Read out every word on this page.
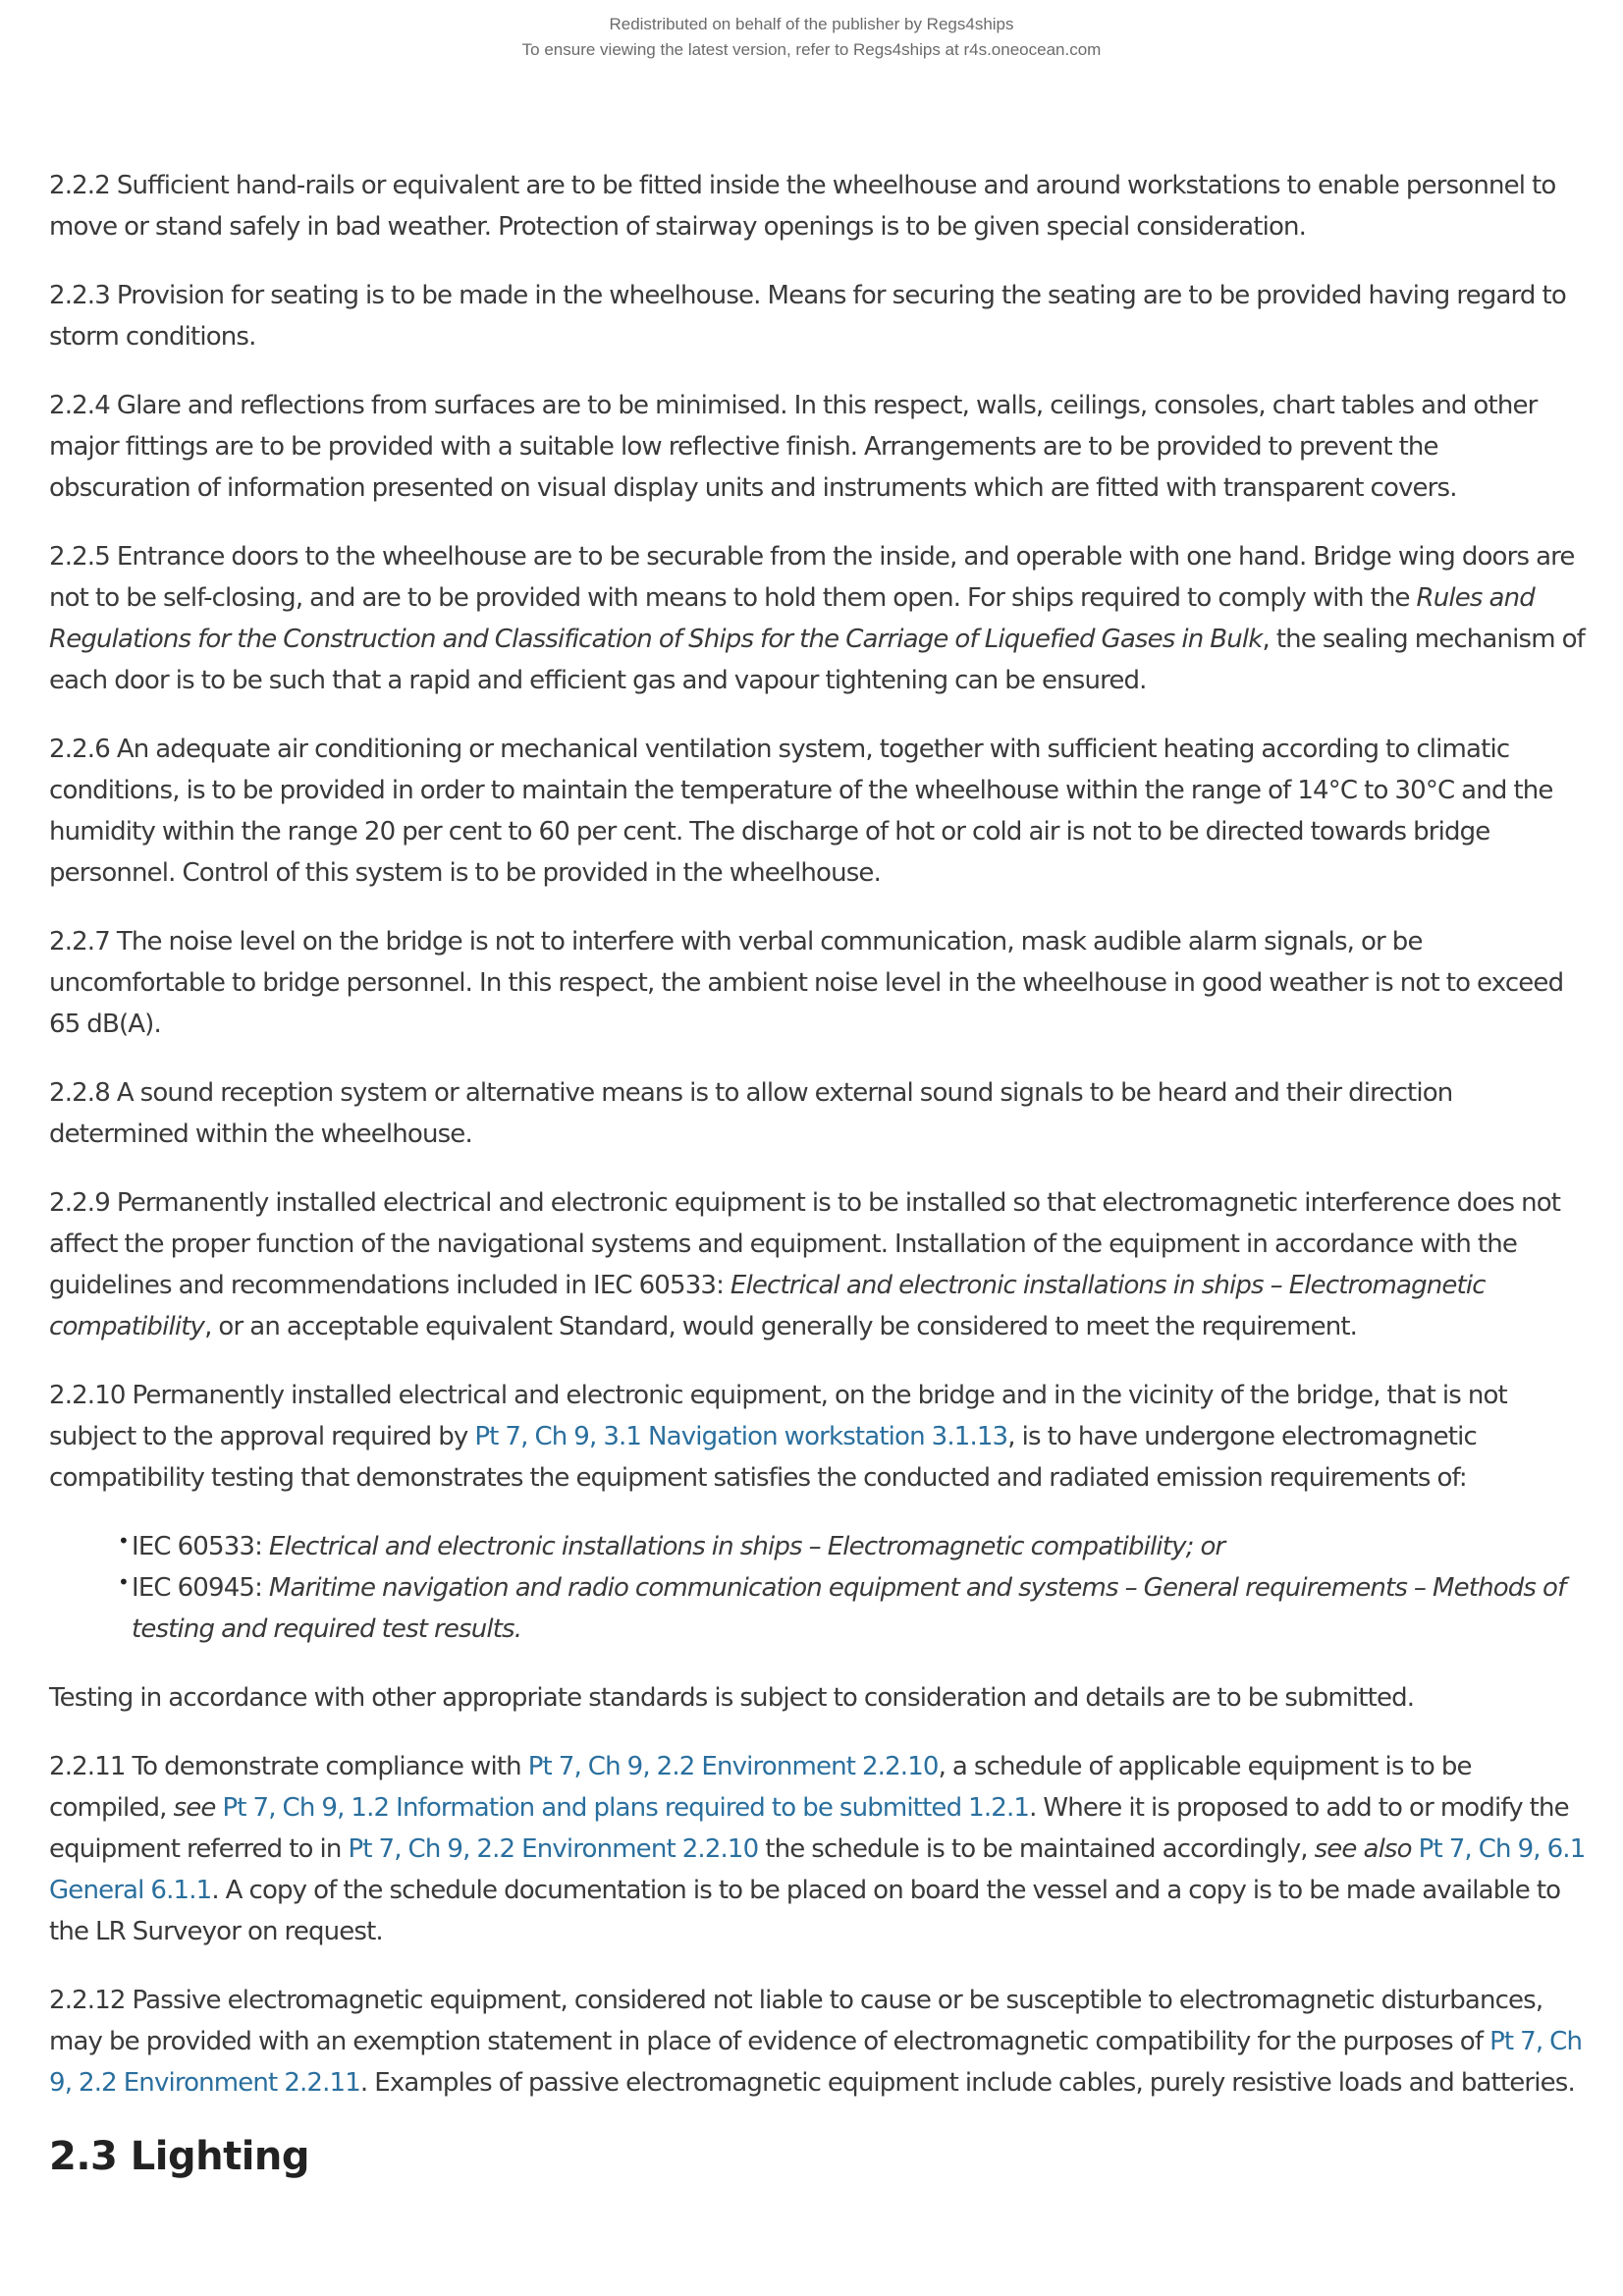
Redistributed on behalf of the publisher by Regs4ships
To ensure viewing the latest version, refer to Regs4ships at r4s.oneocean.com

2.2.2 Sufficient hand-rails or equivalent are to be fitted inside the wheelhouse and around workstations to enable personnel to move or stand safely in bad weather. Protection of stairway openings is to be given special consideration.

2.2.3 Provision for seating is to be made in the wheelhouse. Means for securing the seating are to be provided having regard to storm conditions.

2.2.4 Glare and reflections from surfaces are to be minimised. In this respect, walls, ceilings, consoles, chart tables and other major fittings are to be provided with a suitable low reflective finish. Arrangements are to be provided to prevent the obscuration of information presented on visual display units and instruments which are fitted with transparent covers.

2.2.5 Entrance doors to the wheelhouse are to be securable from the inside, and operable with one hand. Bridge wing doors are not to be self-closing, and are to be provided with means to hold them open. For ships required to comply with the Rules and Regulations for the Construction and Classification of Ships for the Carriage of Liquefied Gases in Bulk, the sealing mechanism of each door is to be such that a rapid and efficient gas and vapour tightening can be ensured.

2.2.6 An adequate air conditioning or mechanical ventilation system, together with sufficient heating according to climatic conditions, is to be provided in order to maintain the temperature of the wheelhouse within the range of 14°C to 30°C and the humidity within the range 20 per cent to 60 per cent. The discharge of hot or cold air is not to be directed towards bridge personnel. Control of this system is to be provided in the wheelhouse.

2.2.7 The noise level on the bridge is not to interfere with verbal communication, mask audible alarm signals, or be uncomfortable to bridge personnel. In this respect, the ambient noise level in the wheelhouse in good weather is not to exceed 65 dB(A).

2.2.8 A sound reception system or alternative means is to allow external sound signals to be heard and their direction determined within the wheelhouse.

2.2.9 Permanently installed electrical and electronic equipment is to be installed so that electromagnetic interference does not affect the proper function of the navigational systems and equipment. Installation of the equipment in accordance with the guidelines and recommendations included in IEC 60533: Electrical and electronic installations in ships – Electromagnetic compatibility, or an acceptable equivalent Standard, would generally be considered to meet the requirement.

2.2.10 Permanently installed electrical and electronic equipment, on the bridge and in the vicinity of the bridge, that is not subject to the approval required by Pt 7, Ch 9, 3.1 Navigation workstation 3.1.13, is to have undergone electromagnetic compatibility testing that demonstrates the equipment satisfies the conducted and radiated emission requirements of:

• IEC 60533: Electrical and electronic installations in ships – Electromagnetic compatibility; or
• IEC 60945: Maritime navigation and radio communication equipment and systems – General requirements – Methods of testing and required test results.

Testing in accordance with other appropriate standards is subject to consideration and details are to be submitted.

2.2.11 To demonstrate compliance with Pt 7, Ch 9, 2.2 Environment 2.2.10, a schedule of applicable equipment is to be compiled, see Pt 7, Ch 9, 1.2 Information and plans required to be submitted 1.2.1. Where it is proposed to add to or modify the equipment referred to in Pt 7, Ch 9, 2.2 Environment 2.2.10 the schedule is to be maintained accordingly, see also Pt 7, Ch 9, 6.1 General 6.1.1. A copy of the schedule documentation is to be placed on board the vessel and a copy is to be made available to the LR Surveyor on request.

2.2.12 Passive electromagnetic equipment, considered not liable to cause or be susceptible to electromagnetic disturbances, may be provided with an exemption statement in place of evidence of electromagnetic compatibility for the purposes of Pt 7, Ch 9, 2.2 Environment 2.2.11. Examples of passive electromagnetic equipment include cables, purely resistive loads and batteries.

2.3 Lighting
